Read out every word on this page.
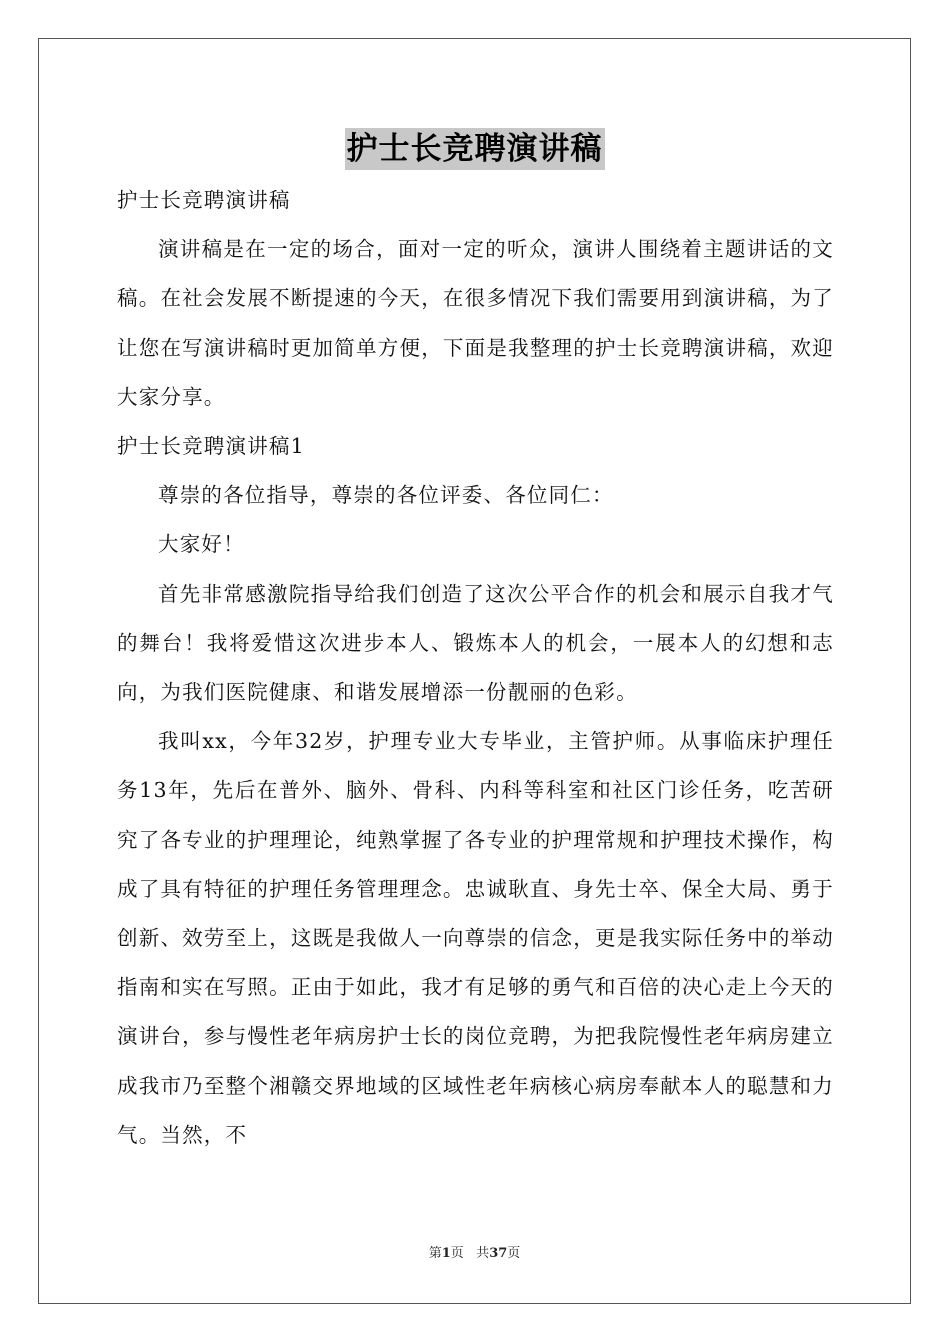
护士长竞聘演讲稿

护士长竞聘演讲稿

演讲稿是在一定的场合，面对一定的听众，演讲人围绕着主题讲话的文稿。在社会发展不断提速的今天，在很多情况下我们需要用到演讲稿，为了让您在写演讲稿时更加简单方便，下面是我整理的护士长竞聘演讲稿，欢迎大家分享。

护士长竞聘演讲稿1

尊崇的各位指导，尊崇的各位评委、各位同仁：

大家好！

首先非常感激院指导给我们创造了这次公平合作的机会和展示自我才气的舞台！我将爱惜这次进步本人、锻炼本人的机会，一展本人的幻想和志向，为我们医院健康、和谐发展增添一份靓丽的色彩。

我叫xx，今年32岁，护理专业大专毕业，主管护师。从事临床护理任务13年，先后在普外、脑外、骨科、内科等科室和社区门诊任务，吃苦研究了各专业的护理理论，纯熟掌握了各专业的护理常规和护理技术操作，构成了具有特征的护理任务管理理念。忠诚耿直、身先士卒、保全大局、勇于创新、效劳至上，这既是我做人一向尊崇的信念，更是我实际任务中的举动指南和实在写照。正由于如此，我才有足够的勇气和百倍的决心走上今天的演讲台，参与慢性老年病房护士长的岗位竞聘，为把我院慢性老年病房建立成我市乃至整个湘赣交界地域的区域性老年病核心病房奉献本人的聪慧和力气。当然，不

第1页 共37页
